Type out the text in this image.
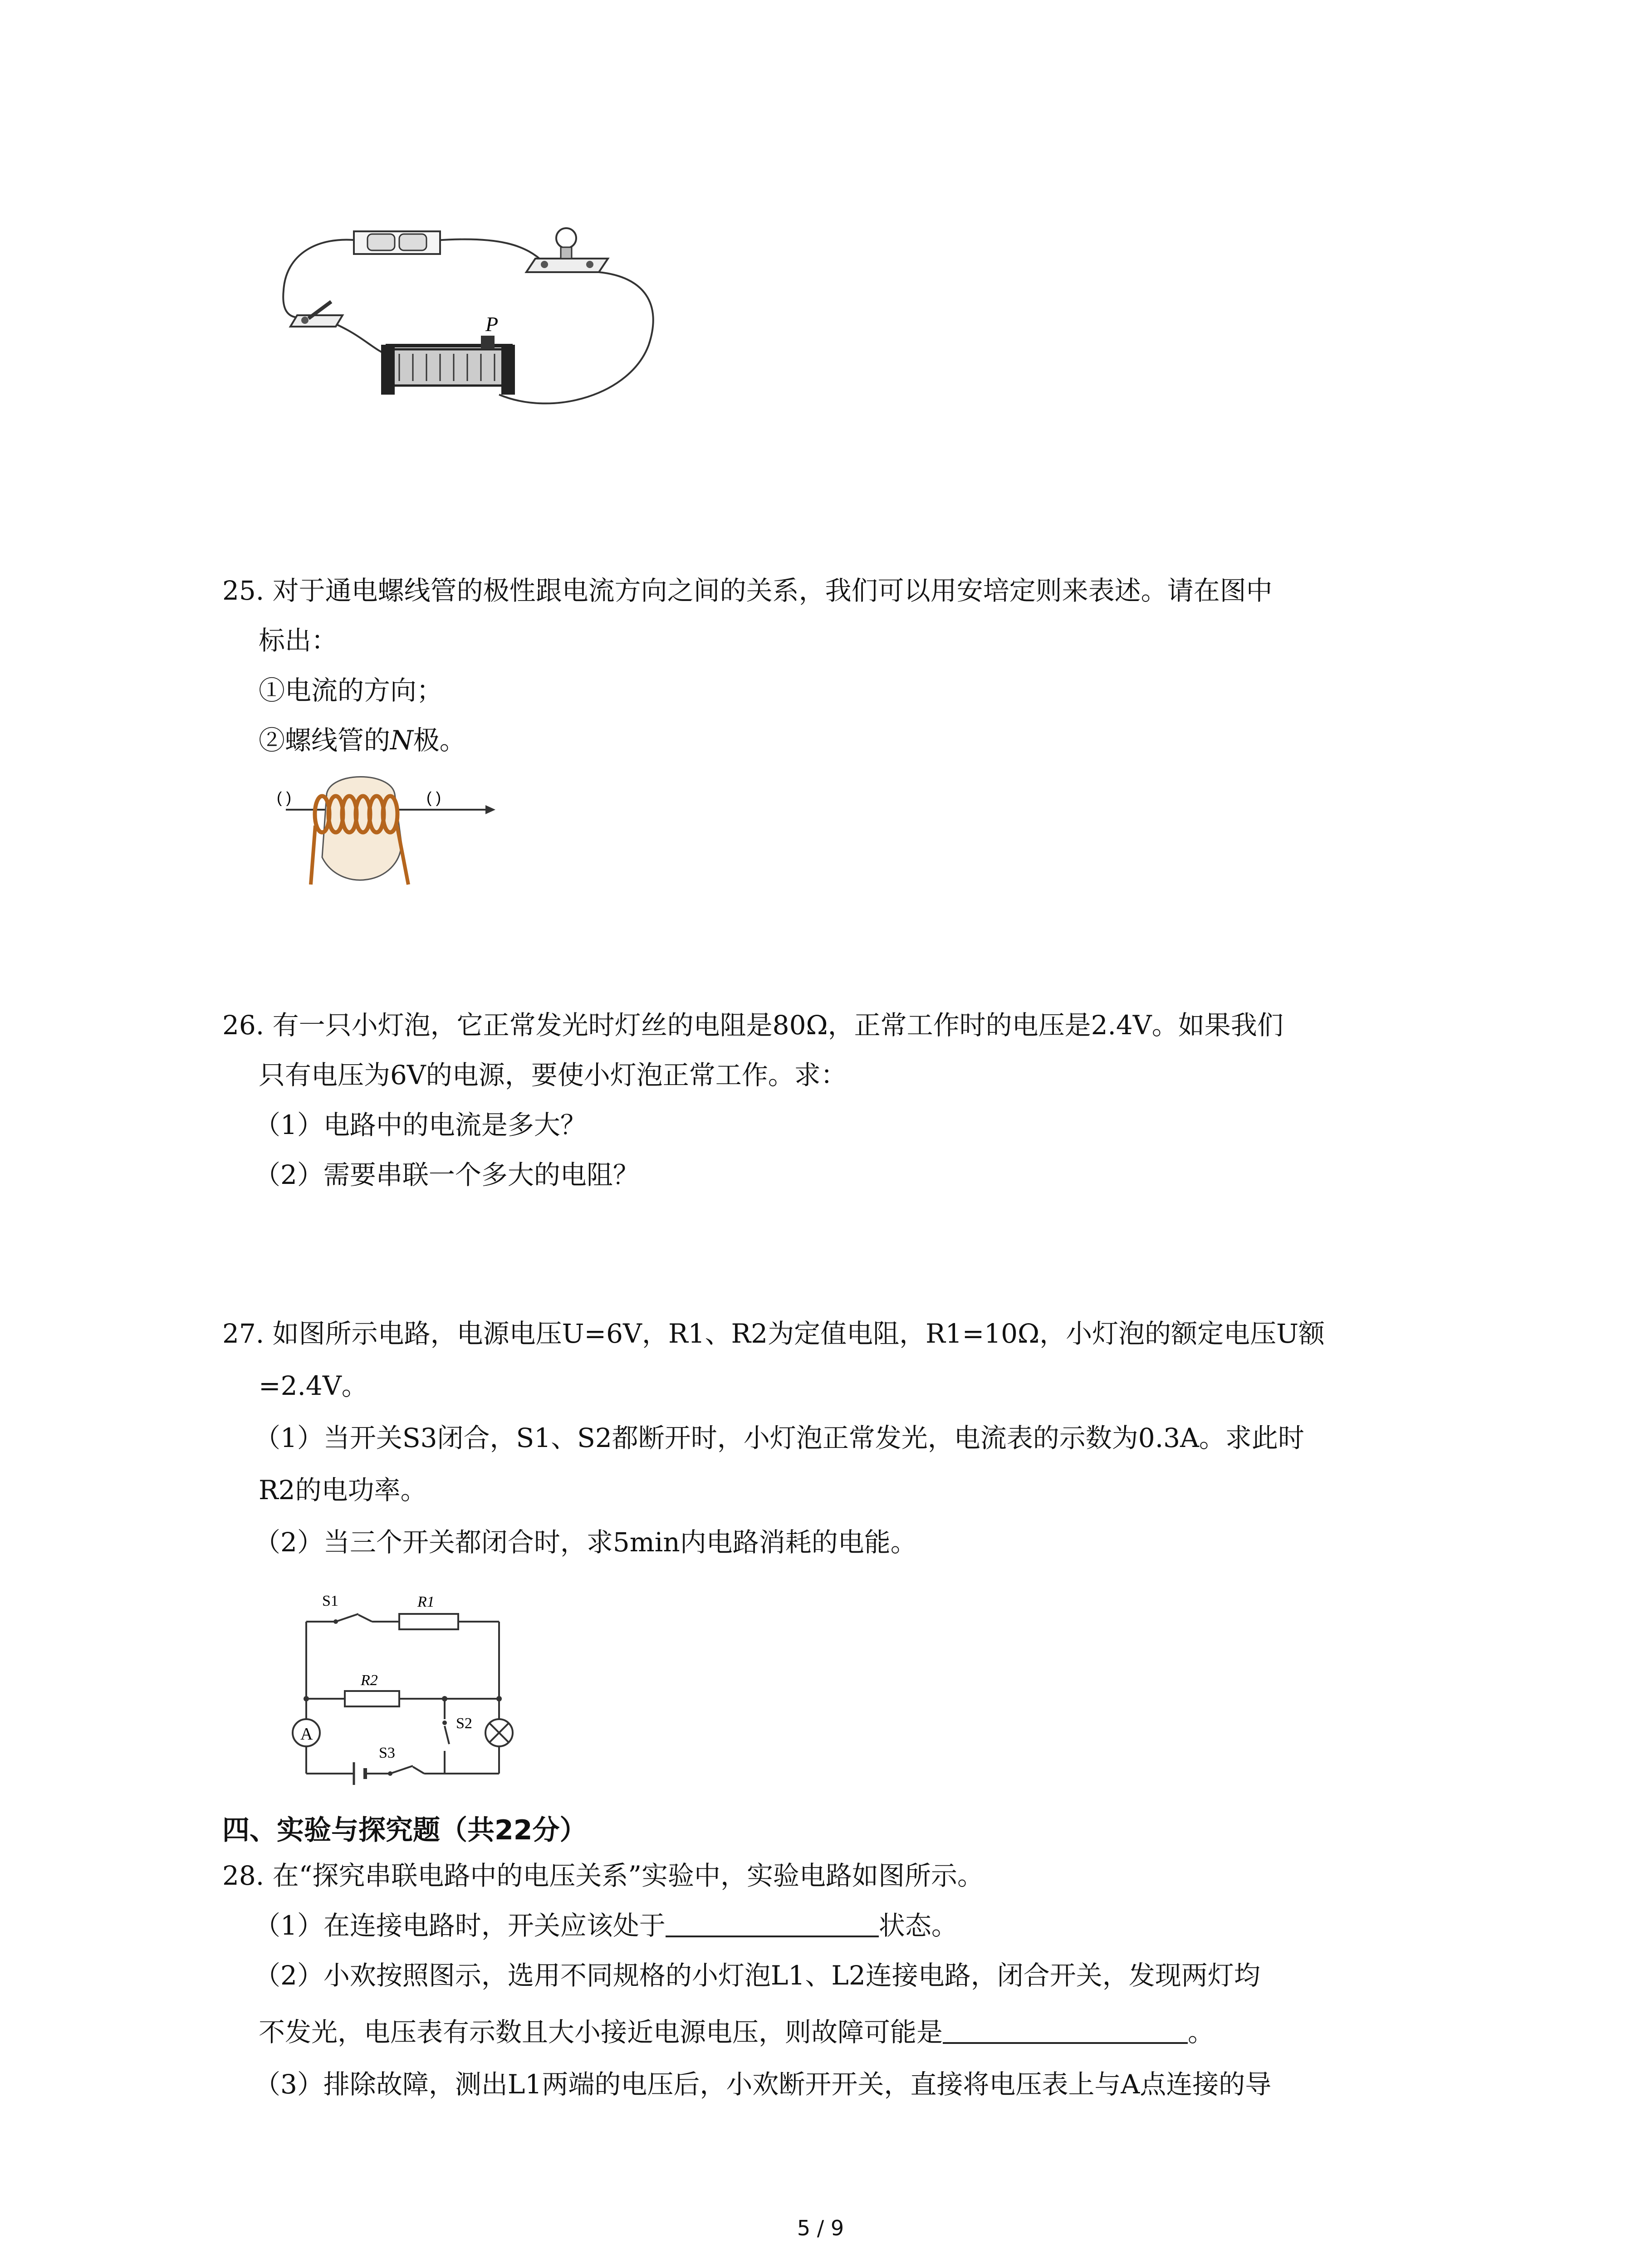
P
25. 对于通电螺线管的极性跟电流方向之间的关系，我们可以用安培定则来表述。请在图中
标出：
①电流的方向；
②螺线管的N极。
( )	( )
26. 有一只小灯泡，它正常发光时灯丝的电阻是80Ω，正常工作时的电压是2.4V。如果我们
只有电压为6V的电源，要使小灯泡正常工作。求：
（1）电路中的电流是多大？
（2）需要串联一个多大的电阻？
27. 如图所示电路，电源电压U=6V，R1、R2为定值电阻，R1=10Ω，小灯泡的额定电压U额
=2.4V。
（1）当开关S3闭合，S1、S2都断开时，小灯泡正常发光，电流表的示数为0.3A。求此时
R2的电功率。
（2）当三个开关都闭合时，求5min内电路消耗的电能。
A
S1	R1
R2
S2
S3
四、实验与探究题（共22分）
28. 在“探究串联电路中的电压关系”实验中，实验电路如图所示。
（1）在连接电路时，开关应该处于	状态。
（2）小欢按照图示，选用不同规格的小灯泡L1、L2连接电路，闭合开关，发现两灯均
不发光，电压表有示数且大小接近电源电压，则故障可能是	。
（3）排除故障，测出L1两端的电压后，小欢断开开关，直接将电压表上与A点连接的导
5 / 9
